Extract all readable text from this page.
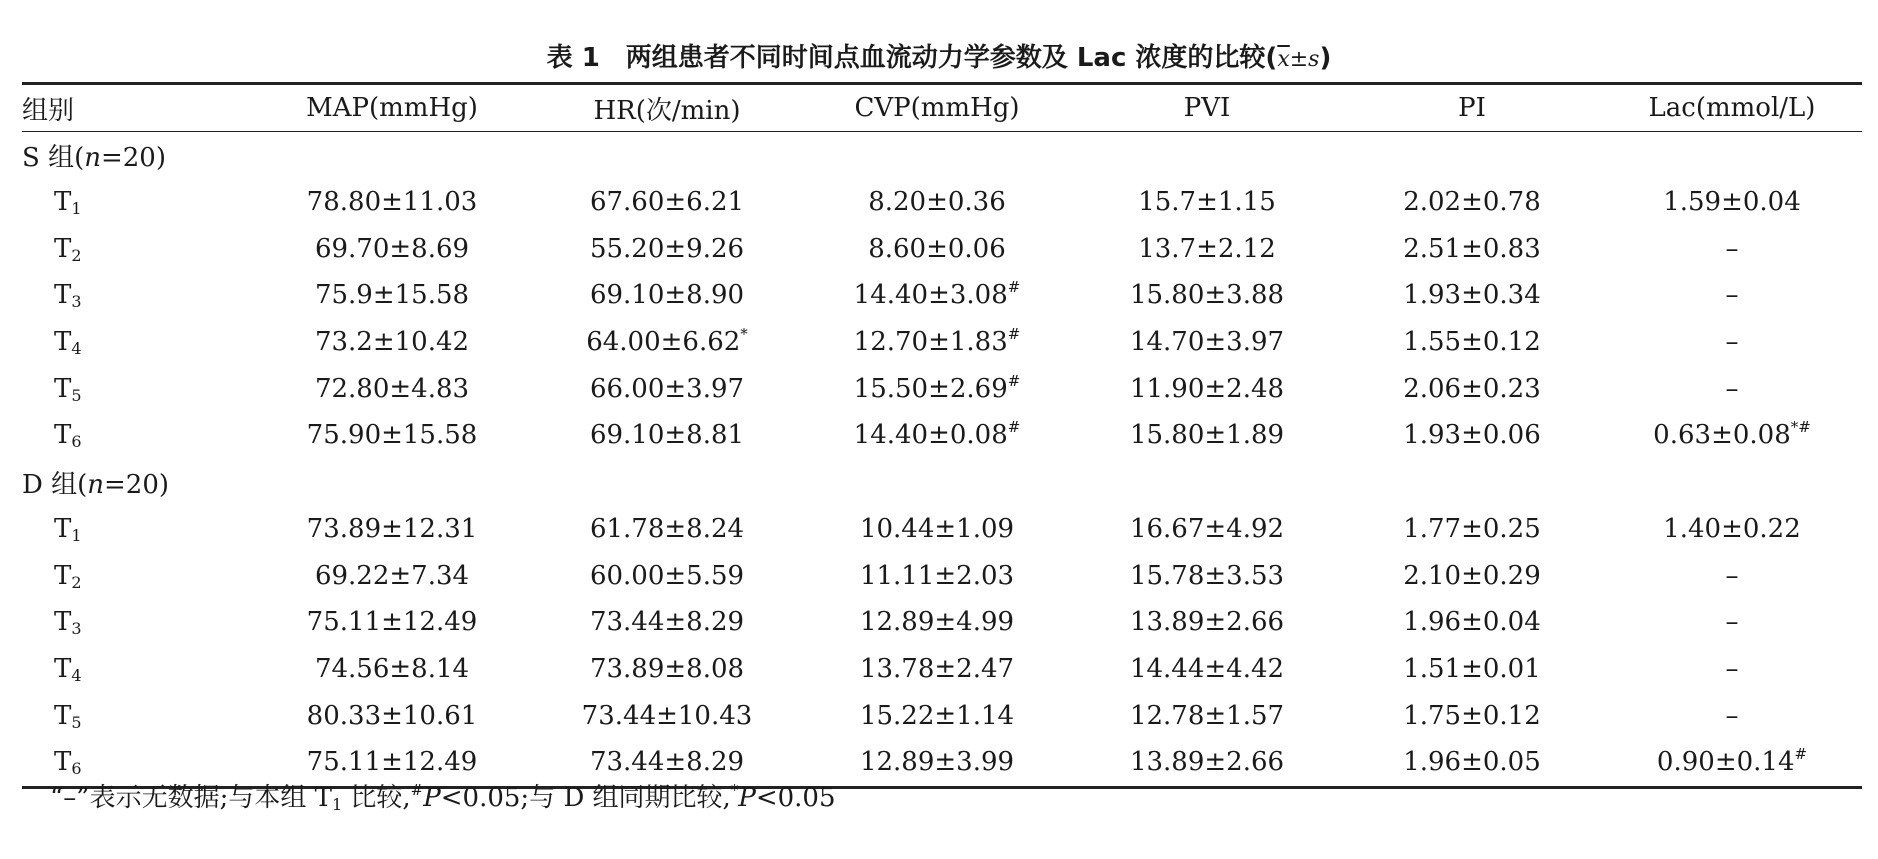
表 1 两组患者不同时间点血流动力学参数及 Lac 浓度的比较$(\overline{x}\pm s)$
组别	MAP(mmHg)	HR(次/min)	CVP(mmHg)	PVI	PI	Lac(mmol/L)
S 组(n=20)						
$T_1$	78.80±11.03	67.60±6.21	8.20±0.36	15.7±1.15	2.02±0.78	1.59±0.04
$T_2$	69.70±8.69	55.20±9.26	8.60±0.06	13.7±2.12	2.51±0.83	–
$T_3$	75.9±15.58	69.10±8.90	14.40±3.08#	15.80±3.88	1.93±0.34	–
$T_4$	73.2±10.42	64.00±6.62*	12.70±1.83#	14.70±3.97	1.55±0.12	–
$T_5$	72.80±4.83	66.00±3.97	15.50±2.69#	11.90±2.48	2.06±0.23	–
$T_6$	75.90±15.58	69.10±8.81	14.40±0.08#	15.80±1.89	1.93±0.06	0.63±0.08*#
D 组(n=20)						
$T_1$	73.89±12.31	61.78±8.24	10.44±1.09	16.67±4.92	1.77±0.25	1.40±0.22
$T_2$	69.22±7.34	60.00±5.59	11.11±2.03	15.78±3.53	2.10±0.29	–
$T_3$	75.11±12.49	73.44±8.29	12.89±4.99	13.89±2.66	1.96±0.04	–
$T_4$	74.56±8.14	73.89±8.08	13.78±2.47	14.44±4.42	1.51±0.01	–
$T_5$	80.33±10.61	73.44±10.43	15.22±1.14	12.78±1.57	1.75±0.12	–
$T_6$	75.11±12.49	73.44±8.29	12.89±3.99	13.89±2.66	1.96±0.05	0.90±0.14#
“–”表示无数据;与本组 $T_1$ 比较,#P<0.05;与 D 组同期比较,*P<0.05
